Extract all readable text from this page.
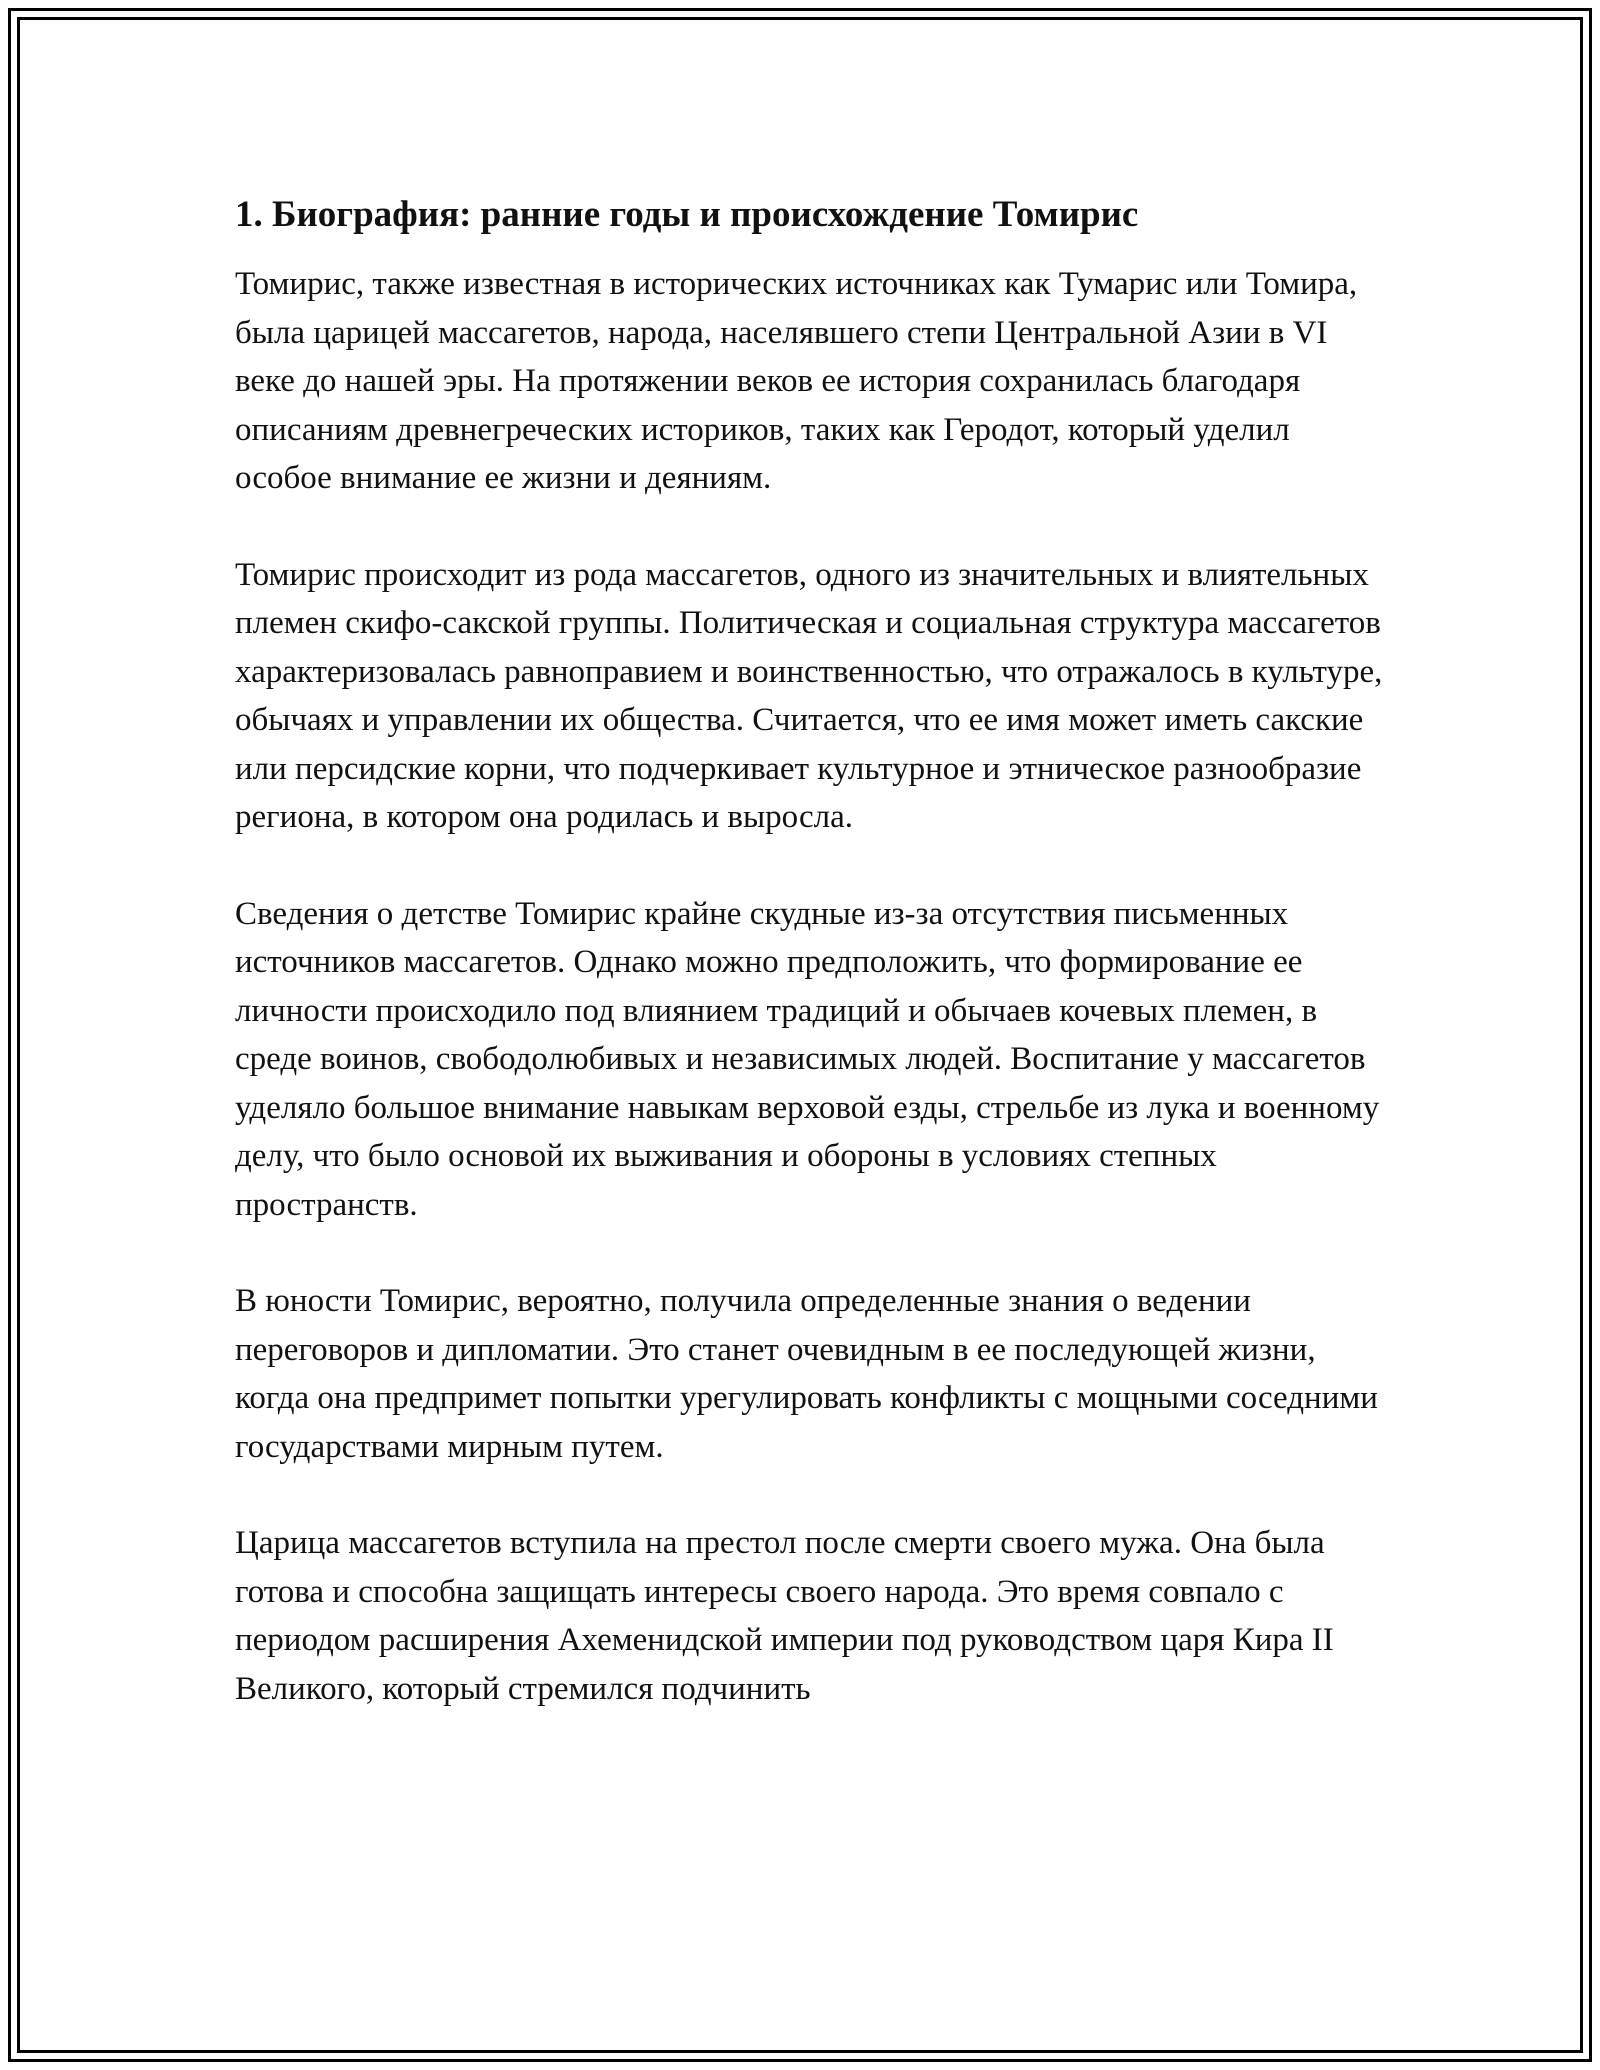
1. Биография: ранние годы и происхождение Томирис

Томирис, также известная в исторических источниках как Тумарис или Томира, была царицей массагетов, народа, населявшего степи Центральной Азии в VI веке до нашей эры. На протяжении веков ее история сохранилась благодаря описаниям древнегреческих историков, таких как Геродот, который уделил особое внимание ее жизни и деяниям.

Томирис происходит из рода массагетов, одного из значительных и влиятельных племен скифо-сакской группы. Политическая и социальная структура массагетов характеризовалась равноправием и воинственностью, что отражалось в культуре, обычаях и управлении их общества. Считается, что ее имя может иметь сакские или персидские корни, что подчеркивает культурное и этническое разнообразие региона, в котором она родилась и выросла.

Сведения о детстве Томирис крайне скудные из-за отсутствия письменных источников массагетов. Однако можно предположить, что формирование ее личности происходило под влиянием традиций и обычаев кочевых племен, в среде воинов, свободолюбивых и независимых людей. Воспитание у массагетов уделяло большое внимание навыкам верховой езды, стрельбе из лука и военному делу, что было основой их выживания и обороны в условиях степных пространств.

В юности Томирис, вероятно, получила определенные знания о ведении переговоров и дипломатии. Это станет очевидным в ее последующей жизни, когда она предпримет попытки урегулировать конфликты с мощными соседними государствами мирным путем.

Царица массагетов вступила на престол после смерти своего мужа. Она была готова и способна защищать интересы своего народа. Это время совпало с периодом расширения Ахеменидской империи под руководством царя Кира II Великого, который стремился подчинить
